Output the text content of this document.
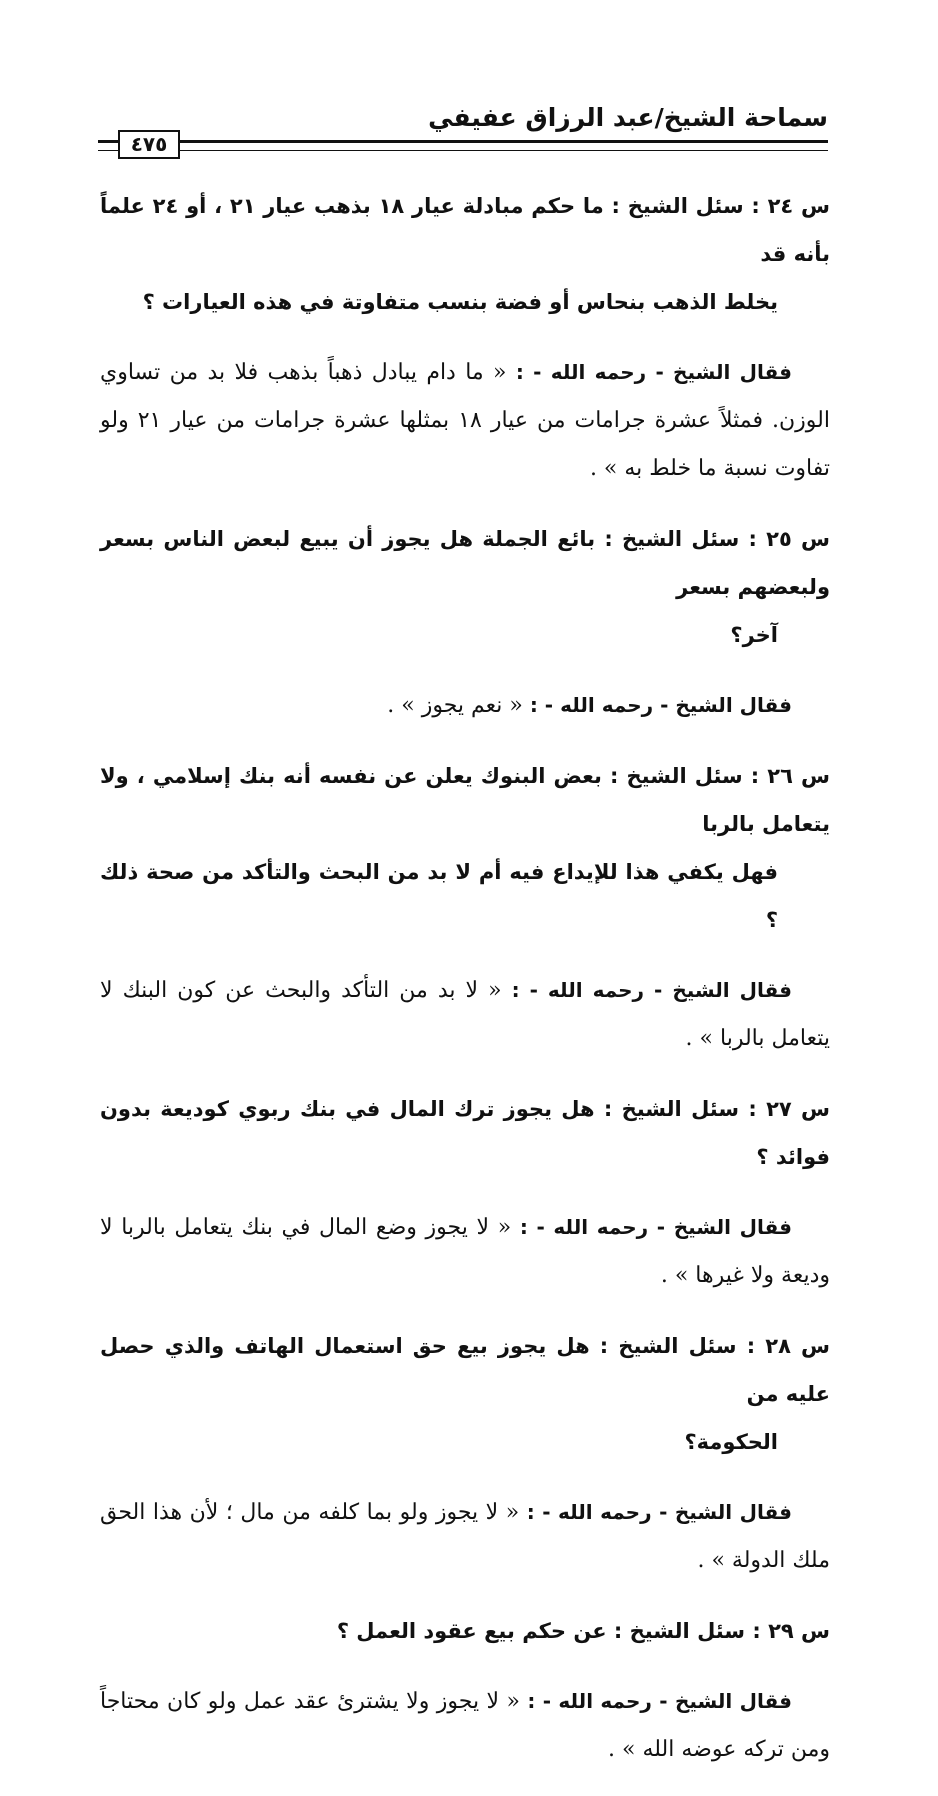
سماحة الشيخ/عبد الرزاق عفيفي
٤٧٥

س ٢٤ : سئل الشيخ : ما حكم مبادلة عيار ١٨ بذهب عيار ٢١ ، أو ٢٤ علماً بأنه قد
يخلط الذهب بنحاس أو فضة بنسب متفاوتة في هذه العيارات ؟

فقال الشيخ - رحمه الله - : « ما دام يبادل ذهباً بذهب فلا بد من تساوي الوزن. فمثلاً عشرة جرامات من عيار ١٨ بمثلها عشرة جرامات من عيار ٢١ ولو تفاوت نسبة ما خلط به » .

س ٢٥ : سئل الشيخ : بائع الجملة هل يجوز أن يبيع لبعض الناس بسعر ولبعضهم بسعر
آخر؟

فقال الشيخ - رحمه الله - : « نعم يجوز » .

س ٢٦ : سئل الشيخ : بعض البنوك يعلن عن نفسه أنه بنك إسلامي ، ولا يتعامل بالربا
فهل يكفي هذا للإيداع فيه أم لا بد من البحث والتأكد من صحة ذلك ؟

فقال الشيخ - رحمه الله - : « لا بد من التأكد والبحث عن كون البنك لا يتعامل بالربا » .

س ٢٧ : سئل الشيخ : هل يجوز ترك المال في بنك ربوي كوديعة بدون فوائد ؟

فقال الشيخ - رحمه الله - : « لا يجوز وضع المال في بنك يتعامل بالربا لا وديعة ولا غيرها » .

س ٢٨ : سئل الشيخ : هل يجوز بيع حق استعمال الهاتف والذي حصل عليه من
الحكومة؟

فقال الشيخ - رحمه الله - : « لا يجوز ولو بما كلفه من مال ؛ لأن هذا الحق ملك الدولة » .

س ٢٩ : سئل الشيخ : عن حكم بيع عقود العمل ؟

فقال الشيخ - رحمه الله - : « لا يجوز ولا يشترئ عقد عمل ولو كان محتاجاً ومن تركه عوضه الله » .
